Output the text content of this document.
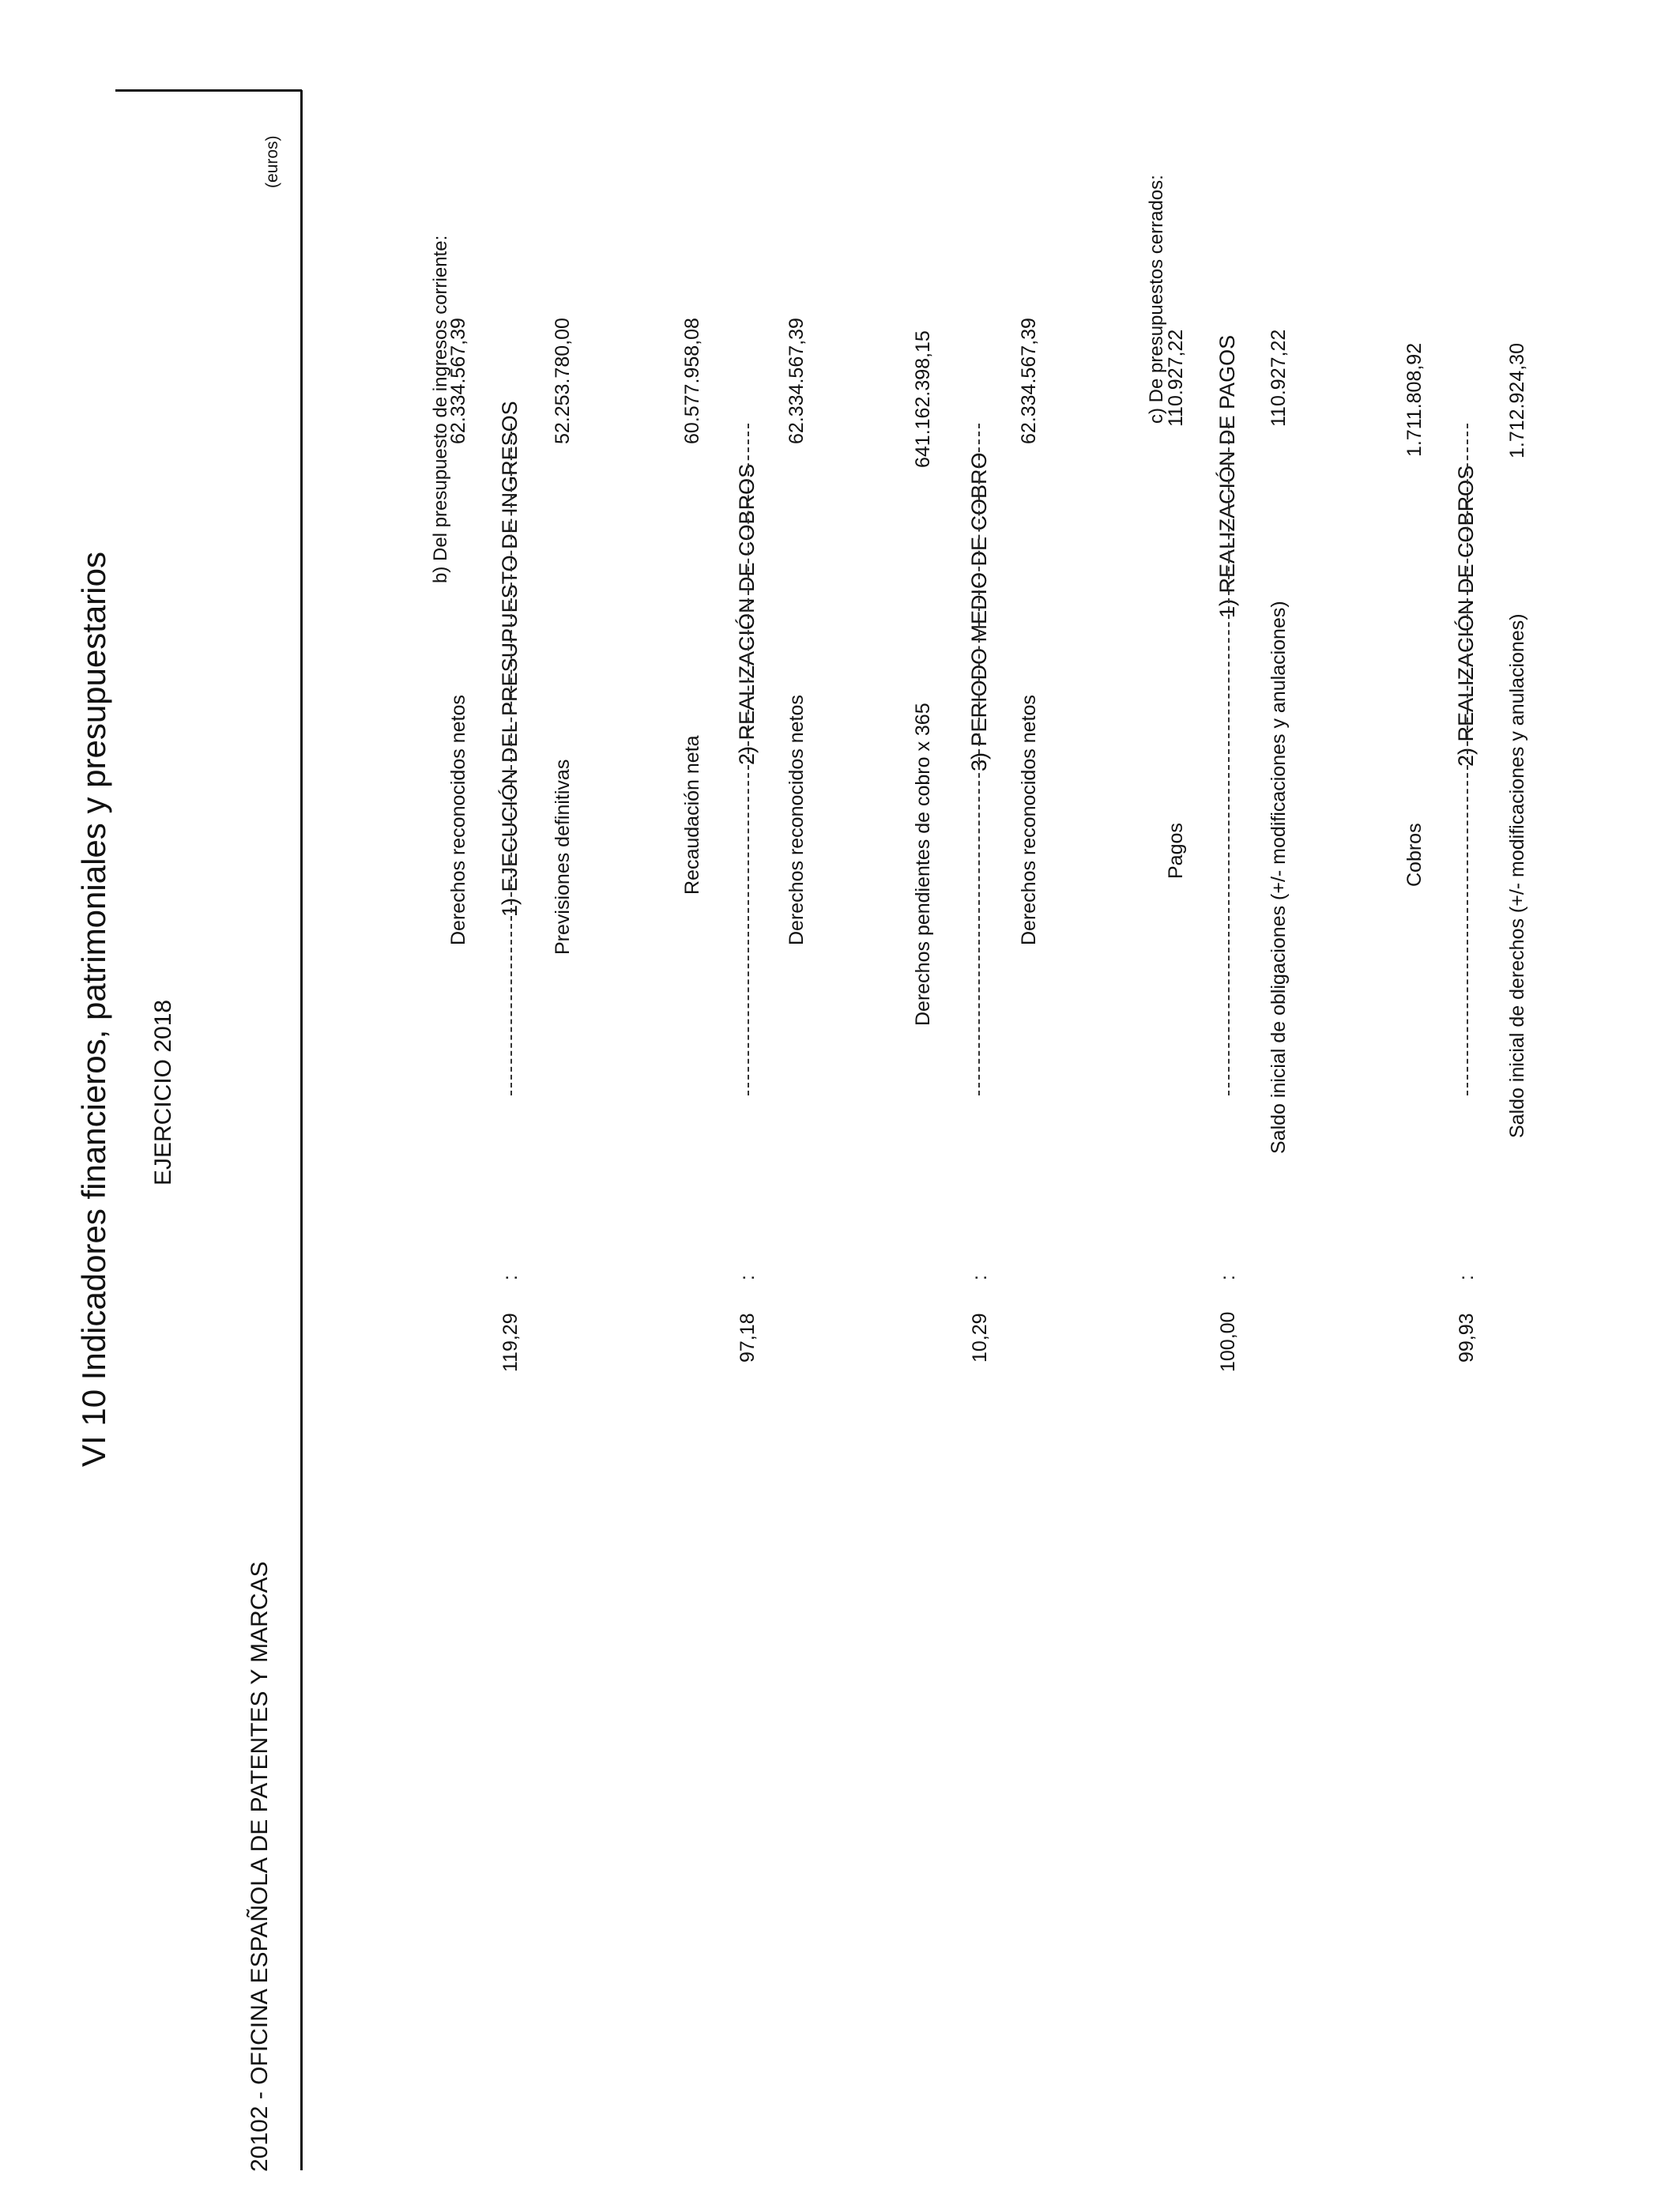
VI 10 Indicadores financieros, patrimoniales y presupuestarios EJERCICIO 2018
20102 - OFICINA ESPAÑOLA DE PATENTES Y MARCAS
(euros)
b) Del presupuesto de ingresos corriente: 1) EJECUCIÓN DEL PRESUPUESTO DE INGRESOS
119,29
:
Derechos reconocidos netos	Previsiones definitivas
62.334.567,39	52.253.780,00
2) REALIZACIÓN DE COBROS
97,18
:
Recaudación neta	Derechos reconocidos netos
60.577.958,08	62.334.567,39
3) PERIODO MEDIO DE COBRO
10,29
:
Derechos pendientes de cobro x 365	Derechos reconocidos netos
641.162.398,15	62.334.567,39	c) De presupuestos cerrados:
1) REALIZACIÓN DE PAGOS
100,00
:
Pagos	Saldo inicial de obligaciones (+/- modificaciones y anulaciones)
110.927,22	110.927,22
2) REALIZACIÓN DE COBROS
99,93
:
Cobros	Saldo inicial de derechos (+/- modificaciones y anulaciones)
1.711.808,92	1.712.924,30
